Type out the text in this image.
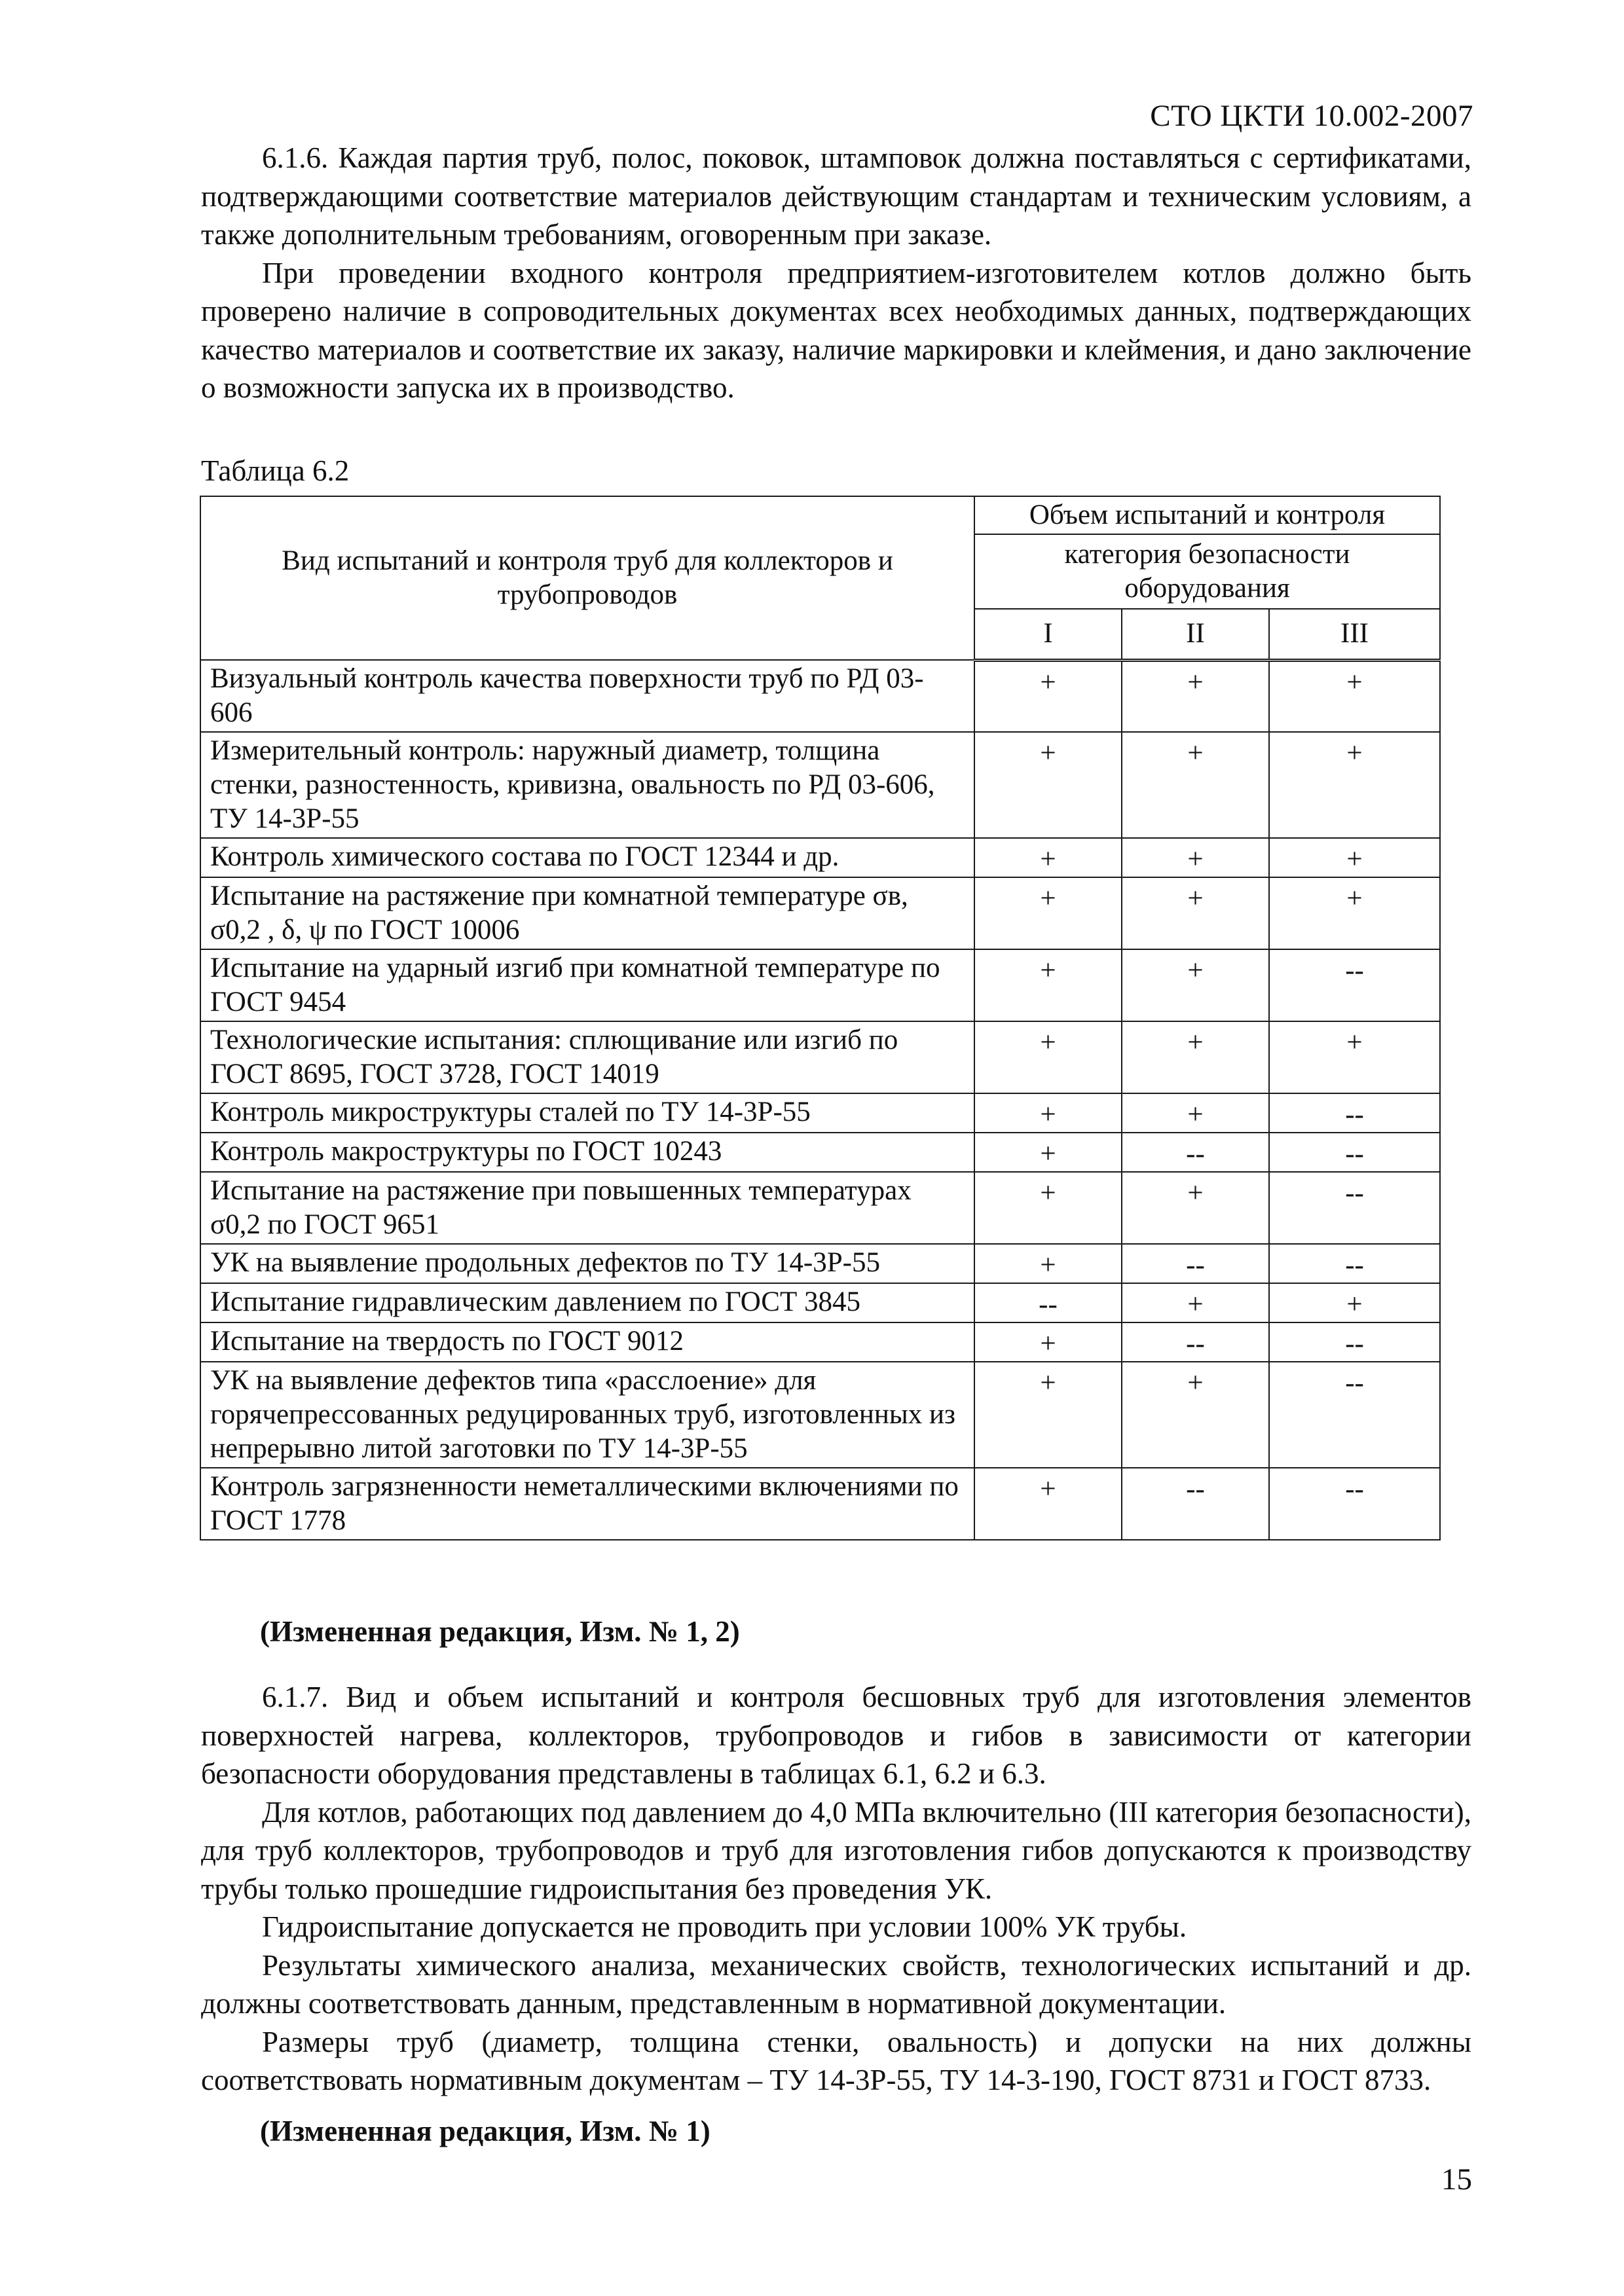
СТО ЦКТИ 10.002-2007

6.1.6. Каждая партия труб, полос, поковок, штамповок должна поставляться с сертификатами, подтверждающими соответствие материалов действующим стандартам и техническим условиям, а также дополнительным требованиям, оговоренным при заказе.

При проведении входного контроля предприятием-изготовителем котлов должно быть проверено наличие в сопроводительных документах всех необходимых данных, подтверждающих качество материалов и соответствие их заказу, наличие маркировки и клеймения, и дано заключение о возможности запуска их в производство.

Таблица 6.2
Вид испытаний и контроля труб для коллекторов и трубопроводов	Объем испытаний и контроля		
	категория безопасности оборудования		
	I	II	III
Визуальный контроль качества поверхности труб по РД 03-606	+	+	+
Измерительный контроль: наружный диаметр, толщина стенки, разностенность, кривизна, овальность по РД 03-606, ТУ 14-3Р-55	+	+	+
Контроль химического состава по ГОСТ 12344 и др.	+	+	+
Испытание на растяжение при комнатной температуре σв, σ0,2 , δ, ψ по ГОСТ 10006	+	+	+
Испытание на ударный изгиб при комнатной температуре по ГОСТ 9454	+	+	--
Технологические испытания: сплющивание или изгиб по ГОСТ 8695, ГОСТ 3728, ГОСТ 14019	+	+	+
Контроль микроструктуры сталей по ТУ 14-3Р-55	+	+	--
Контроль макроструктуры по ГОСТ 10243	+	--	--
Испытание на растяжение при повышенных температурах σ0,2 по ГОСТ 9651	+	+	--
УК на выявление продольных дефектов по ТУ 14-3Р-55	+	--	--
Испытание гидравлическим давлением по ГОСТ 3845	--	+	+
Испытание на твердость по ГОСТ 9012	+	--	--
УК на выявление дефектов типа «расслоение» для горячепрессованных редуцированных труб, изготовленных из непрерывно литой заготовки по ТУ 14-3Р-55	+	+	--
Контроль загрязненности неметаллическими включениями по ГОСТ 1778	+	--	--
(Измененная редакция, Изм. № 1, 2)

6.1.7. Вид и объем испытаний и контроля бесшовных труб для изготовления элементов поверхностей нагрева, коллекторов, трубопроводов и гибов в зависимости от категории безопасности оборудования представлены в таблицах 6.1, 6.2 и 6.3.

Для котлов, работающих под давлением до 4,0 МПа включительно (III категория безопасности), для труб коллекторов, трубопроводов и труб для изготовления гибов допускаются к производству трубы только прошедшие гидроиспытания без проведения УК.

Гидроиспытание допускается не проводить при условии 100% УК трубы.

Результаты химического анализа, механических свойств, технологических испытаний и др. должны соответствовать данным, представленным в нормативной документации.

Размеры труб (диаметр, толщина стенки, овальность) и допуски на них должны соответствовать нормативным документам – ТУ 14-3Р-55, ТУ 14-3-190, ГОСТ 8731 и ГОСТ 8733.

(Измененная редакция, Изм. № 1)
15
